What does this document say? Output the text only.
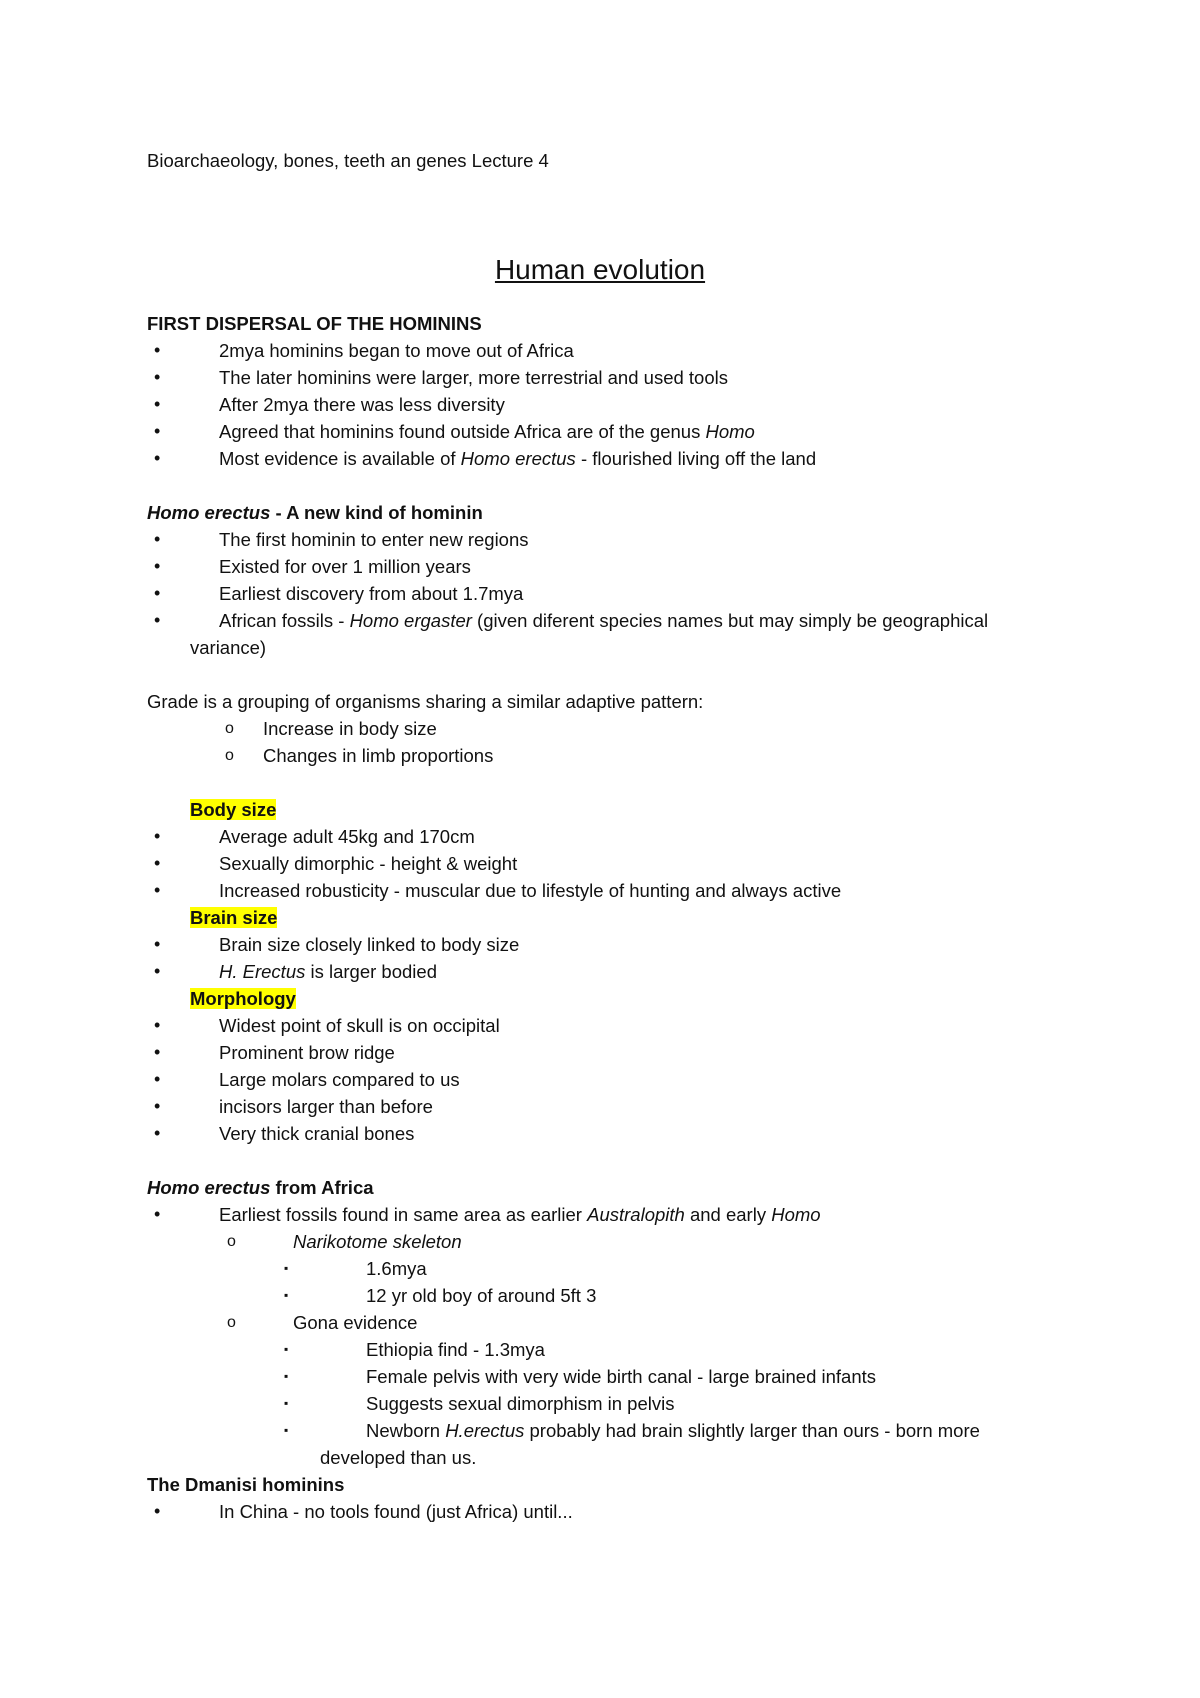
Bioarchaeology, bones, teeth an genes Lecture 4
Human evolution
FIRST DISPERSAL OF THE HOMININS
•	2mya hominins began to move out of Africa
•	The later hominins were larger, more terrestrial and used tools
•	After 2mya there was less diversity
•	Agreed that hominins found outside Africa are of the genus Homo
•	Most evidence is available of Homo erectus - flourished living off the land
Homo erectus - A new kind of hominin
•	The first hominin to enter new regions
•	Existed for over 1 million years
•	Earliest discovery from about 1.7mya
•	African fossils - Homo ergaster (given diferent species names but may simply be geographical
variance)
Grade is a grouping of organisms sharing a similar adaptive pattern:
o Increase in body size
o Changes in limb proportions
Body size
•	Average adult 45kg and 170cm
•	Sexually dimorphic - height & weight
•	Increased robusticity - muscular due to lifestyle of hunting and always active
Brain size
•	Brain size closely linked to body size
•	H. Erectus is larger bodied
Morphology
•	Widest point of skull is on occipital
•	Prominent brow ridge
•	Large molars compared to us
•	incisors larger than before
•	Very thick cranial bones
Homo erectus from Africa
•	Earliest fossils found in same area as earlier Australopith and early Homo
o	Narikotome skeleton
▪	1.6mya
▪	12 yr old boy of around 5ft 3
o	Gona evidence
▪	Ethiopia find - 1.3mya
▪	Female pelvis with very wide birth canal - large brained infants
▪	Suggests sexual dimorphism in pelvis
▪	Newborn H.erectus probably had brain slightly larger than ours - born more
developed than us.
The Dmanisi hominins
•	In China - no tools found (just Africa) until...
